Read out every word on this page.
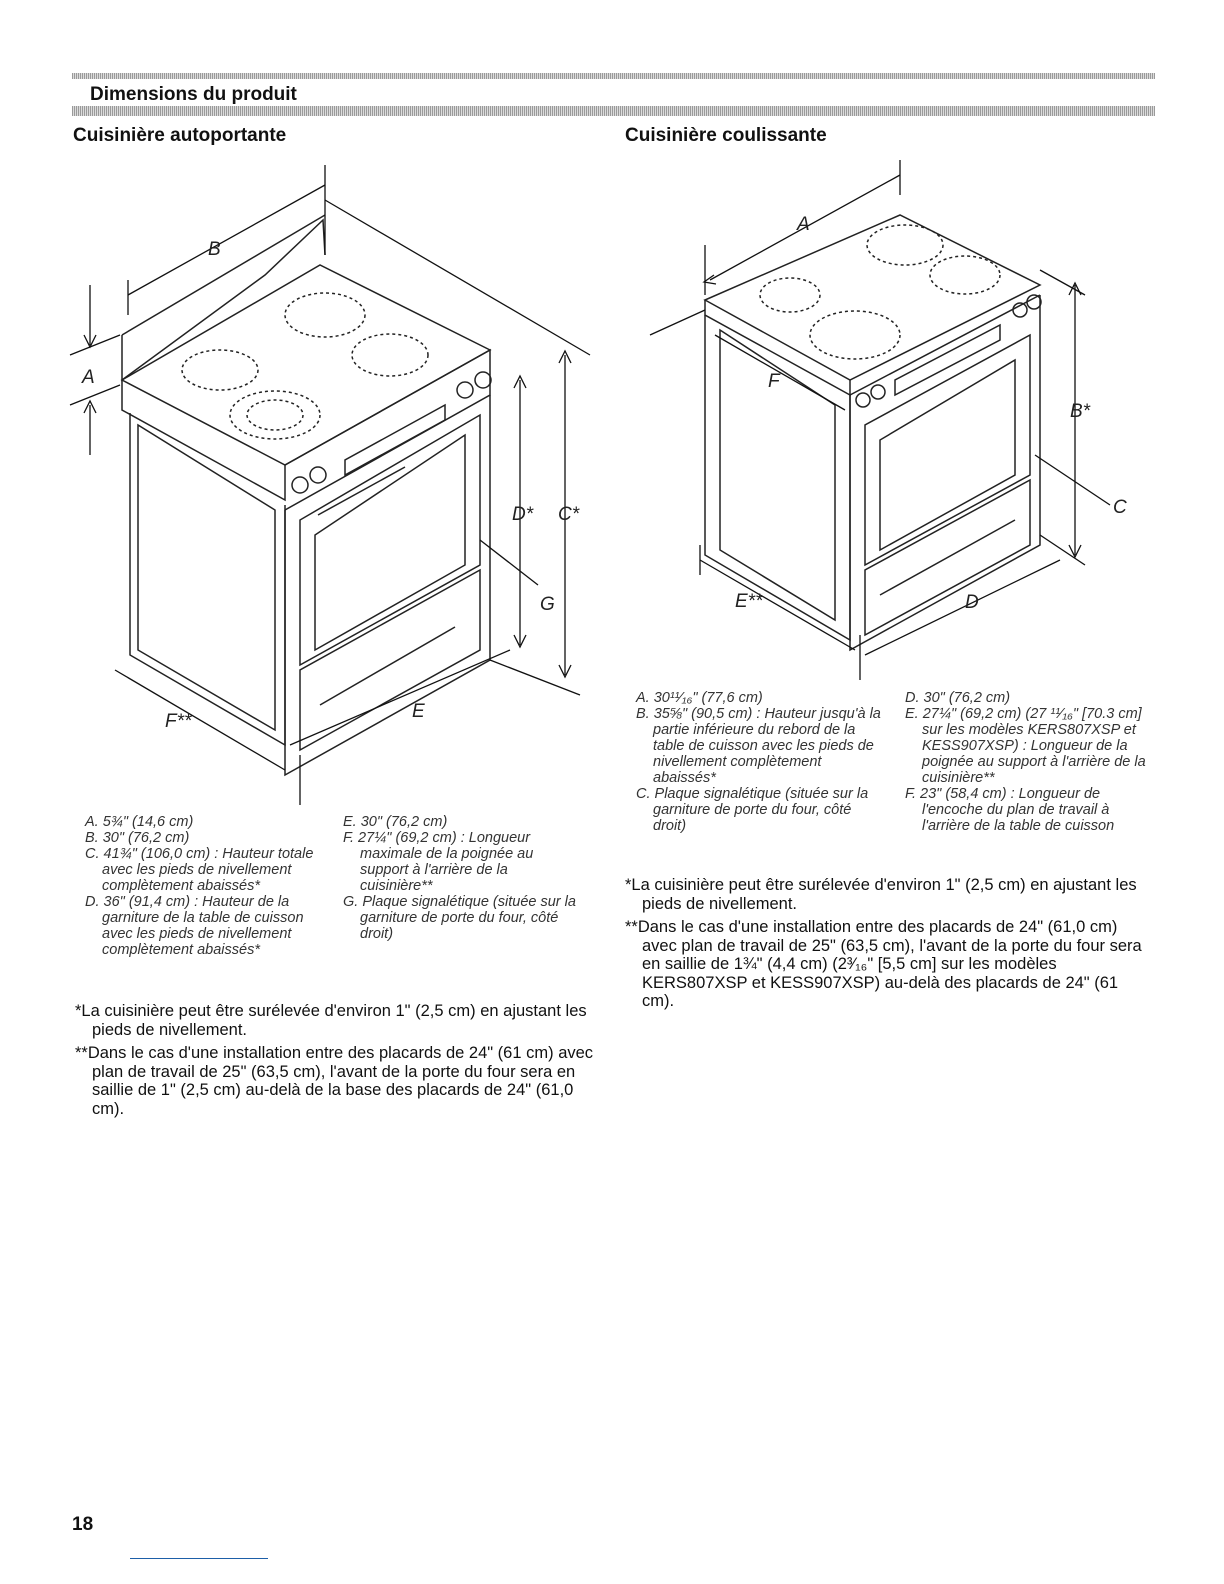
Dimensions du produit
Cuisinière autoportante	Cuisinière coulissante
A
B
C*
D*
E
F**
G
A
B*
C
D
E**
F
A. 5¾" (14,6 cm)
B. 30" (76,2 cm)
C. 41¾" (106,0 cm) : Hauteur totale avec les pieds de nivellement complètement abaissés*
D. 36" (91,4 cm) : Hauteur de la garniture de la table de cuisson avec les pieds de nivellement complètement abaissés*
E. 30" (76,2 cm)
F. 27¼" (69,2 cm) : Longueur maximale de la poignée au support à l'arrière de la cuisinière**
G. Plaque signalétique (située sur la garniture de porte du four, côté droit)
A. 30¹¹⁄₁₆" (77,6 cm)
B. 35⅝" (90,5 cm) : Hauteur jusqu'à la partie inférieure du rebord de la table de cuisson avec les pieds de nivellement complètement abaissés*
C. Plaque signalétique (située sur la garniture de porte du four, côté droit)
D. 30" (76,2 cm)
E. 27¼" (69,2 cm) (27 ¹¹⁄₁₆" [70.3 cm] sur les modèles KERS807XSP et KESS907XSP) : Longueur de la poignée au support à l'arrière de la cuisinière**
F. 23" (58,4 cm) : Longueur de l'encoche du plan de travail à l'arrière de la table de cuisson
*La cuisinière peut être surélevée d'environ 1" (2,5 cm) en ajustant les pieds de nivellement.
**Dans le cas d'une installation entre des placards de 24" (61 cm) avec plan de travail de 25" (63,5 cm), l'avant de la porte du four sera en saillie de 1" (2,5 cm) au-delà de la base des placards de 24" (61,0 cm).
*La cuisinière peut être surélevée d'environ 1" (2,5 cm) en ajustant les pieds de nivellement.
**Dans le cas d'une installation entre des placards de 24" (61,0 cm) avec plan de travail de 25" (63,5 cm), l'avant de la porte du four sera en saillie de 1¾" (4,4 cm) (2³⁄₁₆" [5,5 cm] sur les modèles KERS807XSP et KESS907XSP) au-delà des placards de 24" (61 cm).
18
